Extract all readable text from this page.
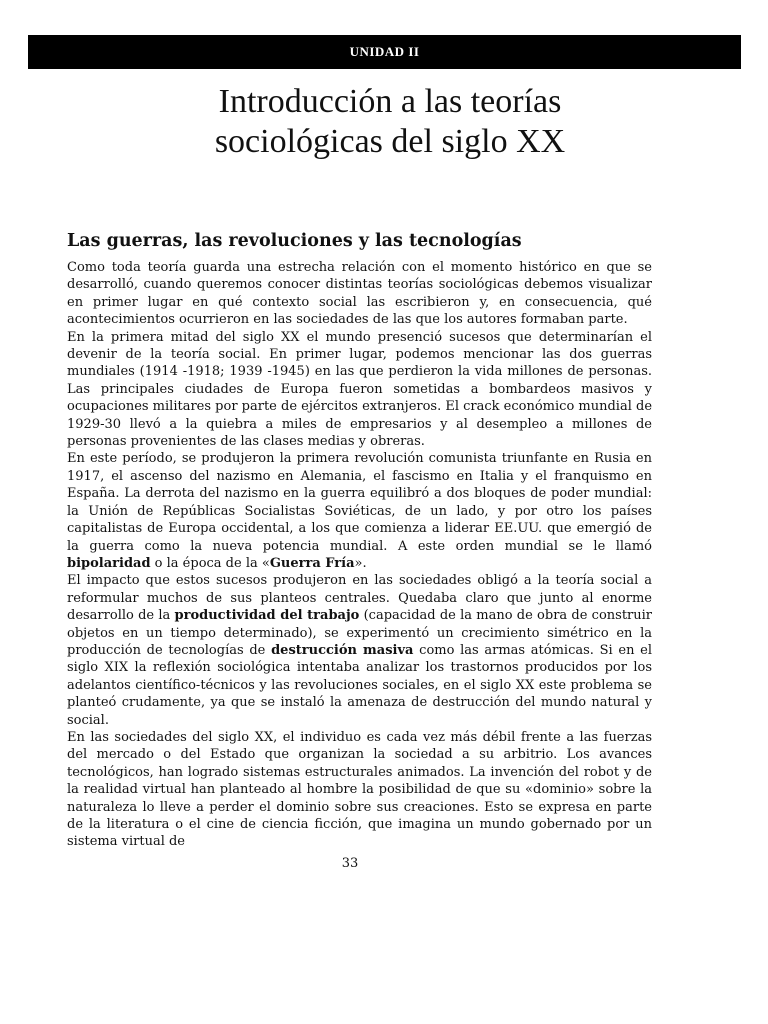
UNIDAD II
Introducción a las teorías
sociológicas del siglo XX
Las guerras, las revoluciones y las tecnologías

Como toda teoría guarda una estrecha relación con el momento histórico en que se desarrolló, cuando queremos conocer distintas teorías sociológicas debemos visualizar en primer lugar en qué contexto social las escribieron y, en consecuencia, qué acontecimientos ocurrieron en las sociedades de las que los autores formaban parte.

En la primera mitad del siglo XX el mundo presenció sucesos que determinarían el devenir de la teoría social. En primer lugar, podemos mencionar las dos guerras mundiales (1914 -1918; 1939 -1945) en las que perdieron la vida millones de personas. Las principales ciudades de Europa fueron sometidas a bombardeos masivos y ocupaciones militares por parte de ejércitos extranjeros. El crack económico mundial de 1929-30 llevó a la quiebra a miles de empresarios y al desempleo a millones de personas provenientes de las clases medias y obreras.

En este período, se produjeron la primera revolución comunista triunfante en Rusia en 1917, el ascenso del nazismo en Alemania, el fascismo en Italia y el franquismo en España. La derrota del nazismo en la guerra equilibró a dos bloques de poder mundial: la Unión de Repúblicas Socialistas Soviéticas, de un lado, y por otro los países capitalistas de Europa occidental, a los que comienza a liderar EE.UU. que emergió de la guerra como la nueva potencia mundial. A este orden mundial se le llamó bipolaridad o la época de la «Guerra Fría».

El impacto que estos sucesos produjeron en las sociedades obligó a la teoría social a reformular muchos de sus planteos centrales. Quedaba claro que junto al enorme desarrollo de la productividad del trabajo (capacidad de la mano de obra de construir objetos en un tiempo determinado), se experimentó un crecimiento simétrico en la producción de tecnologías de destrucción masiva como las armas atómicas. Si en el siglo XIX la reflexión sociológica intentaba analizar los trastornos producidos por los adelantos científico-técnicos y las revoluciones sociales, en el siglo XX este problema se planteó crudamente, ya que se instaló la amenaza de destrucción del mundo natural y social.

En las sociedades del siglo XX, el individuo es cada vez más débil frente a las fuerzas del mercado o del Estado que organizan la sociedad a su arbitrio. Los avances tecnológicos, han logrado sistemas estructurales animados. La invención del robot y de la realidad virtual han planteado al hombre la posibilidad de que su «dominio» sobre la naturaleza lo lleve a perder el dominio sobre sus creaciones. Esto se expresa en parte de la literatura o el cine de ciencia ficción, que imagina un mundo gobernado por un sistema virtual de

33
